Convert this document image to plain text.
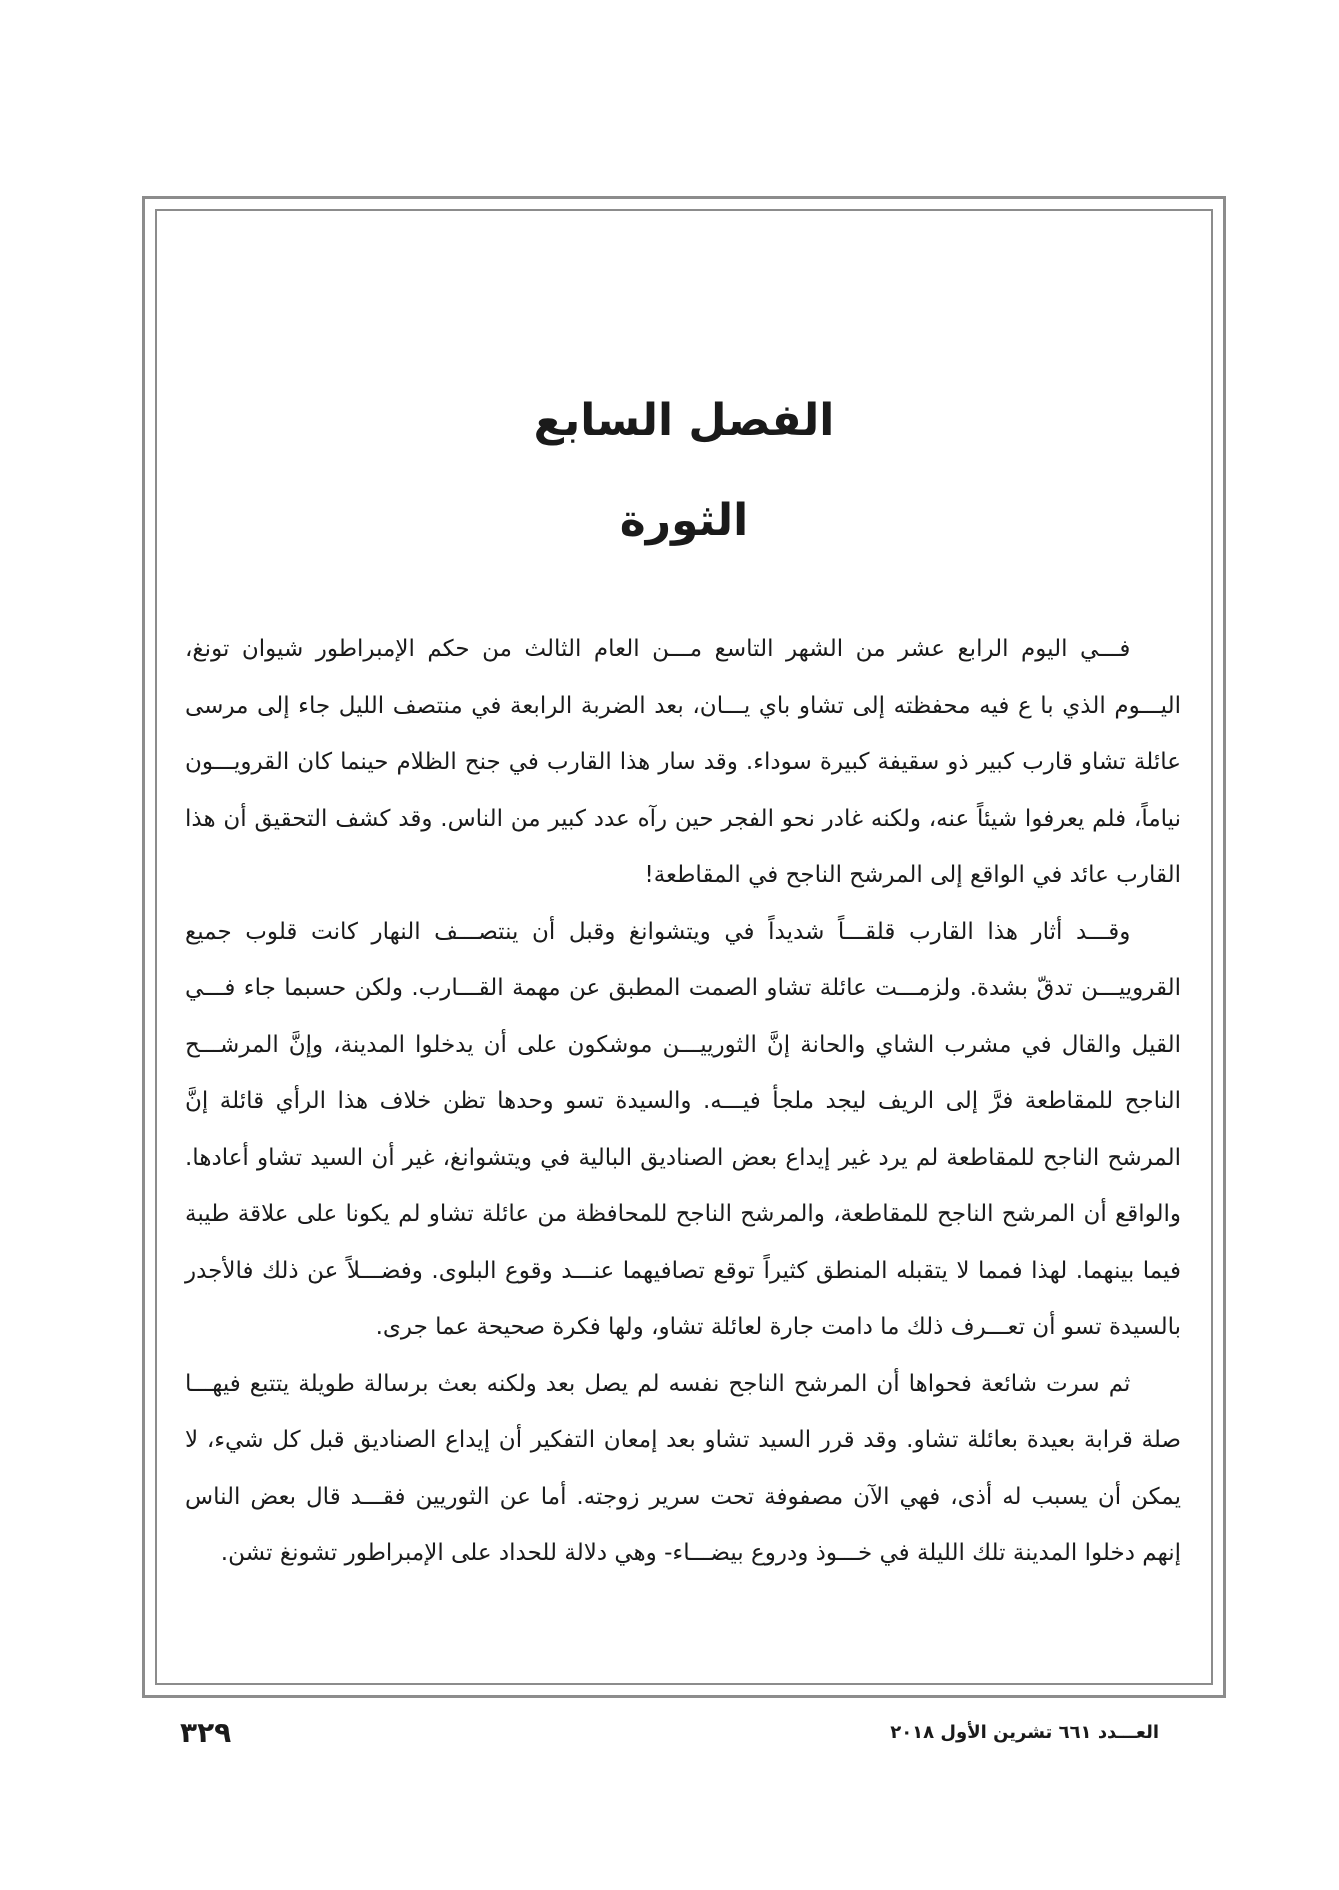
الفصل السابع
الثورة

فـــي اليوم الرابع عشر من الشهر التاسع مـــن العام الثالث من حكم الإمبراطور شيوان تونغ، اليـــوم الذي با ع فيه محفظته إلى تشاو باي يـــان، بعد الضربة الرابعة في منتصف الليل جاء إلى مرسى عائلة تشاو قارب كبير ذو سقيفة كبيرة سوداء. وقد سار هذا القارب في جنح الظلام حينما كان القرويـــون نياماً، فلم يعرفوا شيئاً عنه، ولكنه غادر نحو الفجر حين رآه عدد كبير من الناس. وقد كشف التحقيق أن هذا القارب عائد في الواقع إلى المرشح الناجح في المقاطعة!

وقـــد أثار هذا القارب قلقـــاً شديداً في ويتشوانغ وقبل أن ينتصـــف النهار كانت قلوب جميع القروييـــن تدقّ بشدة. ولزمـــت عائلة تشاو الصمت المطبق عن مهمة القـــارب. ولكن حسبما جاء فـــي القيل والقال في مشرب الشاي والحانة إنَّ الثورييـــن موشكون على أن يدخلوا المدينة، وإنَّ المرشـــح الناجح للمقاطعة فرَّ إلى الريف ليجد ملجأ فيـــه. والسيدة تسو وحدها تظن خلاف هذا الرأي قائلة إنَّ المرشح الناجح للمقاطعة لم يرد غير إيداع بعض الصناديق البالية في ويتشوانغ، غير أن السيد تشاو أعادها. والواقع أن المرشح الناجح للمقاطعة، والمرشح الناجح للمحافظة من عائلة تشاو لم يكونا على علاقة طيبة فيما بينهما. لهذا فمما لا يتقبله المنطق كثيراً توقع تصافيهما عنـــد وقوع البلوى. وفضـــلاً عن ذلك فالأجدر بالسيدة تسو أن تعـــرف ذلك ما دامت جارة لعائلة تشاو، ولها فكرة صحيحة عما جرى.

ثم سرت شائعة فحواها أن المرشح الناجح نفسه لم يصل بعد ولكنه بعث برسالة طويلة يتتبع فيهـــا صلة قرابة بعيدة بعائلة تشاو. وقد قرر السيد تشاو بعد إمعان التفكير أن إيداع الصناديق قبل كل شيء، لا يمكن أن يسبب له أذى، فهي الآن مصفوفة تحت سرير زوجته. أما عن الثوريين فقـــد قال بعض الناس إنهم دخلوا المدينة تلك الليلة في خـــوذ ودروع بيضـــاء- وهي دلالة للحداد على الإمبراطور تشونغ تشن.

٣٢٩	العـــدد ٦٦١ تشرين الأول ٢٠١٨
